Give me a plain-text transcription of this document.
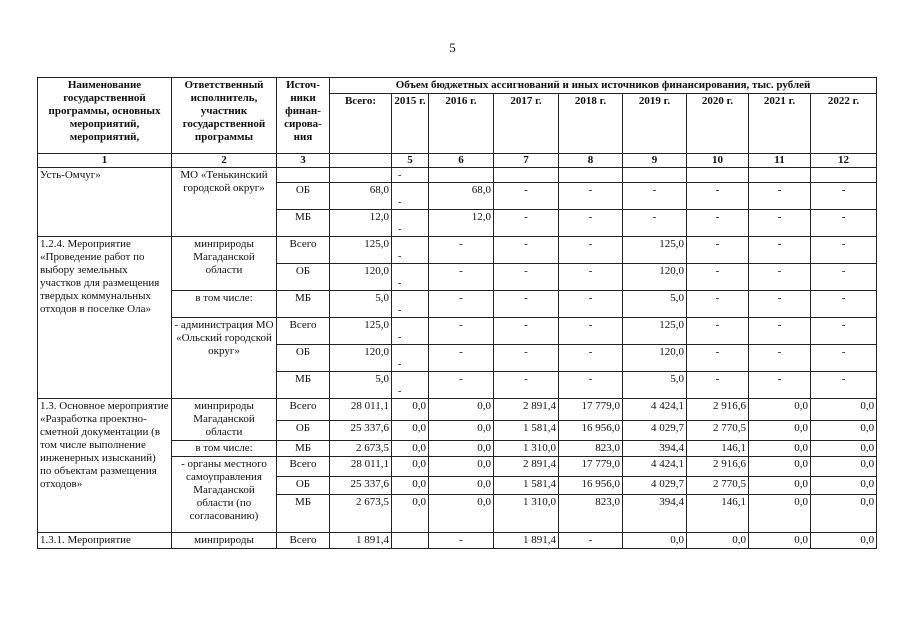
5
Наименование государственной программы, основных мероприятий, мероприятий,	Ответственный исполнитель, участник государственной программы	Источ-ники финан-сирова-ния	Объем бюджетных ассигнований и иных источников финансирования, тыс. рублей								
			Всего:	2015 г.	2016 г.	2017 г.	2018 г.	2019 г.	2020 г.	2021 г.	2022 г.
1	2	3		5	6	7	8	9	10	11	12
Усть-Омчуг»	МО «Тенькинский городской округ»			-							

		ОБ	68,0	-	68,0	-	-	-	-	-	-
		МБ	12,0	-	12,0	-	-	-	-	-	-
1.2.4. Мероприятие «Проведение работ по выбору земельных участков для размещения твердых коммунальных отходов в поселке Ола»	минприроды Магаданской области	Всего	125,0	-	-	-	-	125,0	-	-	-
		ОБ	120,0	-	-	-	-	120,0	-	-	-
	в том числе:	МБ	5,0	-	-	-	-	5,0	-	-	-
	- администрация МО «Ольский городской округ»	Всего	125,0	-	-	-	-	125,0	-	-	-
		ОБ	120,0	-	-	-	-	120,0	-	-	-
		МБ	5,0	-	-	-	-	5,0	-	-	-
1.3. Основное мероприятие «Разработка проектно-сметной документации (в том числе выполнение инженерных изысканий) по объектам размещения отходов»	минприроды Магаданской области	Всего	28 011,1	0,0	0,0	2 891,4	17 779,0	4 424,1	2 916,6	0,0	0,0
		ОБ	25 337,6	0,0	0,0	1 581,4	16 956,0	4 029,7	2 770,5	0,0	0,0
	в том числе:	МБ	2 673,5	0,0	0,0	1 310,0	823,0	394,4	146,1	0,0	0,0
	- органы местного самоуправления Магаданской области (по согласованию)	Всего	28 011,1	0,0	0,0	2 891,4	17 779,0	4 424,1	2 916,6	0,0	0,0
		ОБ	25 337,6	0,0	0,0	1 581,4	16 956,0	4 029,7	2 770,5	0,0	0,0
		МБ	2 673,5	0,0	0,0	1 310,0	823,0	394,4	146,1	0,0	0,0
1.3.1. Мероприятие	минприроды	Всего	1 891,4		-	1 891,4	-	0,0	0,0	0,0	0,0
